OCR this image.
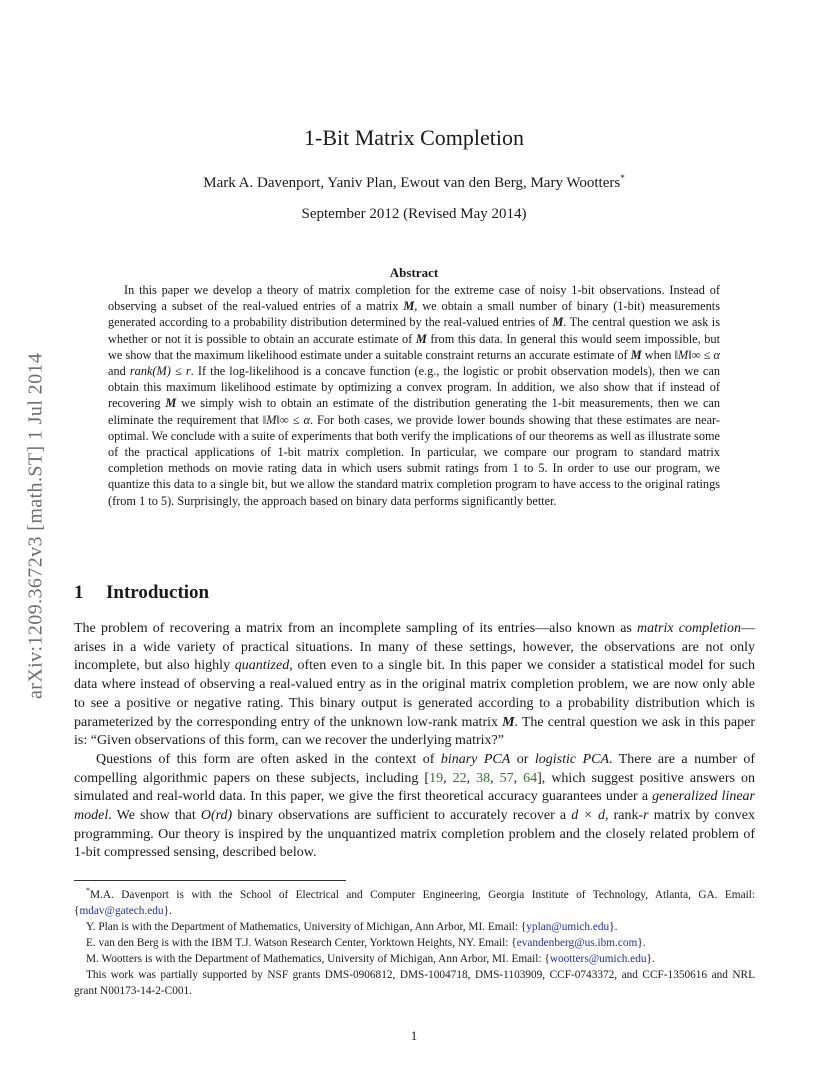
arXiv:1209.3672v3 [math.ST] 1 Jul 2014
1-Bit Matrix Completion
Mark A. Davenport, Yaniv Plan, Ewout van den Berg, Mary Wootters*
September 2012 (Revised May 2014)
Abstract
In this paper we develop a theory of matrix completion for the extreme case of noisy 1-bit observations. Instead of observing a subset of the real-valued entries of a matrix M, we obtain a small number of binary (1-bit) measurements generated according to a probability distribution determined by the real-valued entries of M. The central question we ask is whether or not it is possible to obtain an accurate estimate of M from this data. In general this would seem impossible, but we show that the maximum likelihood estimate under a suitable constraint returns an accurate estimate of M when ‖M‖∞ ≤ α and rank(M) ≤ r. If the log-likelihood is a concave function (e.g., the logistic or probit observation models), then we can obtain this maximum likelihood estimate by optimizing a convex program. In addition, we also show that if instead of recovering M we simply wish to obtain an estimate of the distribution generating the 1-bit measurements, then we can eliminate the requirement that ‖M‖∞ ≤ α. For both cases, we provide lower bounds showing that these estimates are near-optimal. We conclude with a suite of experiments that both verify the implications of our theorems as well as illustrate some of the practical applications of 1-bit matrix completion. In particular, we compare our program to standard matrix completion methods on movie rating data in which users submit ratings from 1 to 5. In order to use our program, we quantize this data to a single bit, but we allow the standard matrix completion program to have access to the original ratings (from 1 to 5). Surprisingly, the approach based on binary data performs significantly better.
1 Introduction

The problem of recovering a matrix from an incomplete sampling of its entries—also known as matrix completion—arises in a wide variety of practical situations. In many of these settings, however, the observations are not only incomplete, but also highly quantized, often even to a single bit. In this paper we consider a statistical model for such data where instead of observing a real-valued entry as in the original matrix completion problem, we are now only able to see a positive or negative rating. This binary output is generated according to a probability distribution which is parameterized by the corresponding entry of the unknown low-rank matrix M. The central question we ask in this paper is: “Given observations of this form, can we recover the underlying matrix?”

Questions of this form are often asked in the context of binary PCA or logistic PCA. There are a number of compelling algorithmic papers on these subjects, including [19, 22, 38, 57, 64], which suggest positive answers on simulated and real-world data. In this paper, we give the first theoretical accuracy guarantees under a generalized linear model. We show that O(rd) binary observations are sufficient to accurately recover a d × d, rank-r matrix by convex programming. Our theory is inspired by the unquantized matrix completion problem and the closely related problem of 1-bit compressed sensing, described below.

*M.A. Davenport is with the School of Electrical and Computer Engineering, Georgia Institute of Technology, Atlanta, GA. Email: {mdav@gatech.edu}.

Y. Plan is with the Department of Mathematics, University of Michigan, Ann Arbor, MI. Email: {yplan@umich.edu}.

E. van den Berg is with the IBM T.J. Watson Research Center, Yorktown Heights, NY. Email: {evandenberg@us.ibm.com}.

M. Wootters is with the Department of Mathematics, University of Michigan, Ann Arbor, MI. Email: {wootters@umich.edu}.

This work was partially supported by NSF grants DMS-0906812, DMS-1004718, DMS-1103909, CCF-0743372, and CCF-1350616 and NRL grant N00173-14-2-C001.

1
